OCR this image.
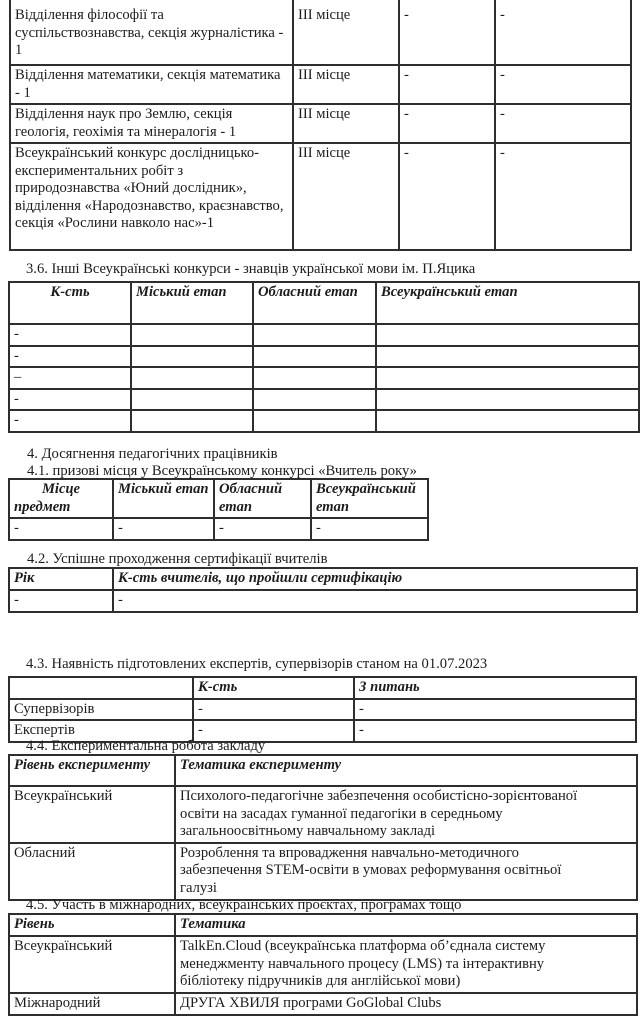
Відділення філософії та суспільствознавства, секція журналістика - 1	ІІІ місце	-	-
Відділення математики, секція математика - 1	ІІІ місце	-	-
Відділення наук про Землю, секція геологія, геохімія та мінералогія - 1	ІІІ місце	-	-
Всеукраїнський конкурс дослідницько-експериментальних робіт з природознавства «Юний дослідник», відділення «Народознавство, краєзнавство, секція «Рослини навколо нас»-1	ІІІ місце	-	-
3.6. Інші Всеукраїнські конкурси - знавців української мови ім. П.Яцика
К-сть	Міський етап	Обласний етап	Всеукраїнський етап
-			
-			
–			
-			
-			
4. Досягнення педагогічних працівників
4.1. призові місця у Всеукраїнському конкурсі «Вчитель року»
Місце
предмет	Міський етап	Обласний етап	Всеукраїнський етап
-	-	-	-
4.2. Успішне проходження сертифікації вчителів
Рік	К-сть вчителів, що пройшли сертифікацію
-	-
4.3. Наявність підготовлених експертів, супервізорів станом на 01.07.2023
	К-сть	З питань
Супервізорів	-	-
Експертів	-	-
4.4. Експериментальна робота закладу
Рівень експерименту	Тематика експерименту
Всеукраїнський	Психолого-педагогічне забезпечення особистісно-зорієнтованої освіти на засадах гуманної педагогіки в середньому загальноосвітньому навчальному закладі
Обласний	Розроблення та впровадження навчально-методичного забезпечення STEM-освіти в умовах реформування освітньої галузі
4.5. Участь в міжнародних, всеукраїнських проєктах, програмах тощо
Рівень	Тематика
Всеукраїнський	TalkEn.Cloud (всеукраїнська платформа об’єднала систему менеджменту навчального процесу (LMS) та інтерактивну бібліотеку підручників для англійської мови)
Міжнародний	ДРУГА ХВИЛЯ програми GoGlobal Clubs
